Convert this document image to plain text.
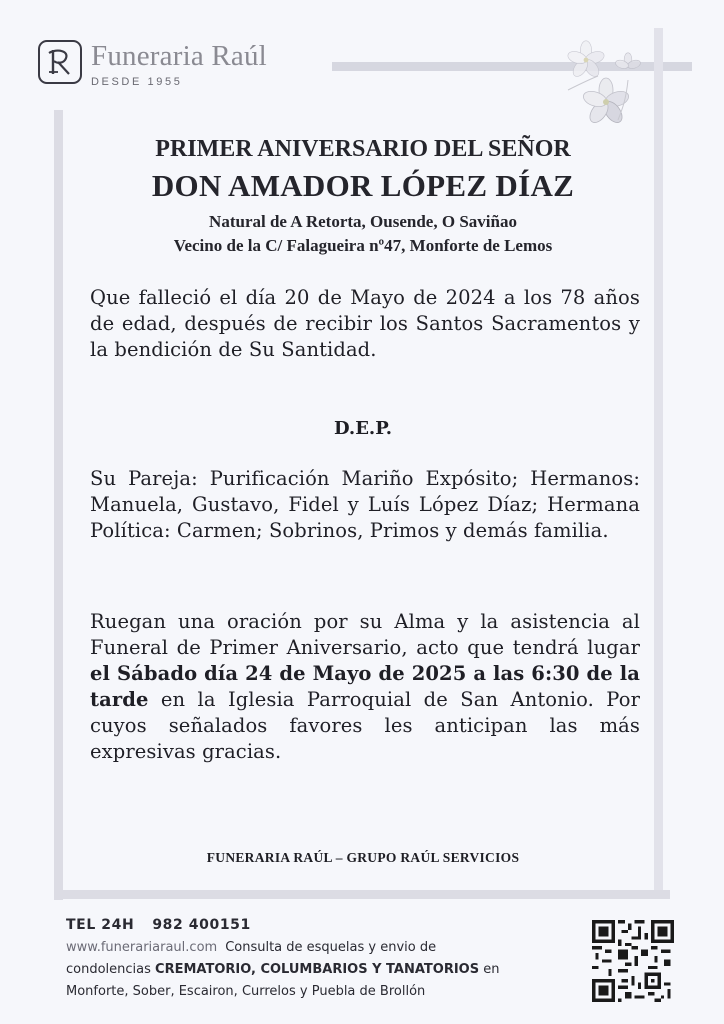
Funeraria Raúl
DESDE 1955
PRIMER ANIVERSARIO DEL SEÑOR
DON AMADOR LÓPEZ DÍAZ
Natural de A Retorta, Ousende, O Saviñao
Vecino de la C/ Falagueira nº47, Monforte de Lemos
Que falleció el día 20 de Mayo de 2024 a los 78 años de edad, después de recibir los Santos Sacramentos y la bendición de Su Santidad.
D.E.P.
Su Pareja: Purificación Mariño Expósito; Hermanos: Manuela, Gustavo, Fidel y Luís López Díaz; Hermana Política: Carmen; Sobrinos, Primos y demás familia.
Ruegan una oración por su Alma y la asistencia al Funeral de Primer Aniversario, acto que tendrá lugar el Sábado día 24 de Mayo de 2025 a las 6:30 de la tarde en la Iglesia Parroquial de San Antonio. Por cuyos señalados favores les anticipan las más expresivas gracias.
FUNERARIA RAÚL – GRUPO RAÚL SERVICIOS
TEL 24H 982 400151
www.funerariaraul.com Consulta de esquelas y envio de
condolencias CREMATORIO, COLUMBARIOS Y TANATORIOS en
Monforte, Sober, Escairon, Currelos y Puebla de Brollón
